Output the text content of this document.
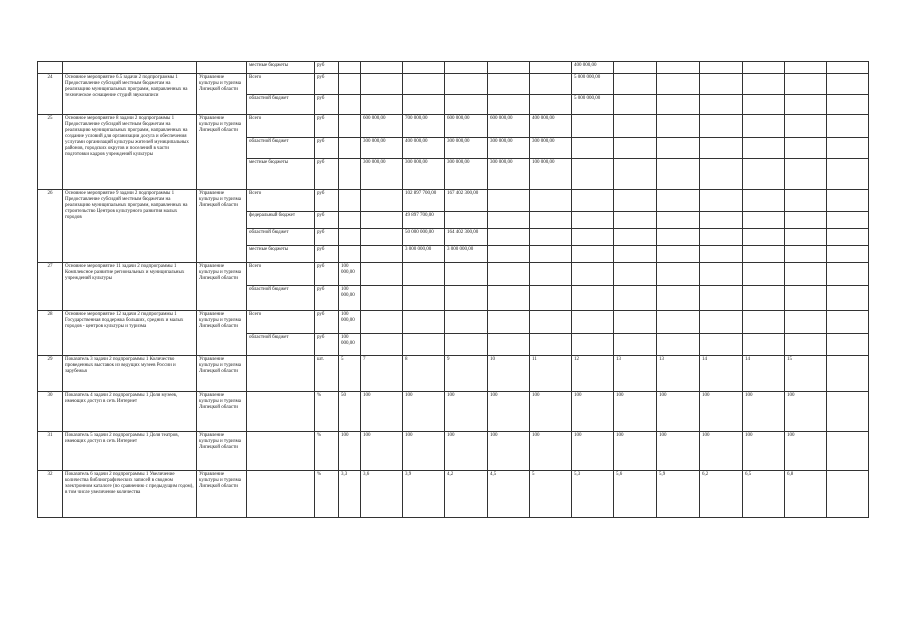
			местные бюджеты	руб							400 000,00						
24	Основное мероприятие 6.5 задачи 2 подпрограммы 1 Предоставление субсидий местным бюджетам на реализацию муниципальных программ, направленных на техническое оснащение студий звукозаписи	Управление культуры и туризма Липецкой области	Всего	руб							5 000 000,00						
			областной бюджет	руб							5 000 000,00						
25	Основное мероприятие 8 задачи 2 подпрограммы 1 Предоставление субсидий местным бюджетам на реализацию муниципальных программ, направленных на создание условий для организации досуга и обеспечения услугами организаций культуры жителей муниципальных районов, городских округов и поселений в части подготовки кадров учреждений культуры	Управление культуры и туризма Липецкой области	Всего	руб		600 000,00	700 000,00	600 000,00	600 000,00	400 000,00							
			областной бюджет	руб		300 000,00	400 000,00	300 000,00	300 000,00	300 000,00							
			местные бюджеты	руб		300 000,00	300 000,00	300 000,00	300 000,00	100 000,00							
26	Основное мероприятие 9 задачи 2 подпрограммы 1 Предоставление субсидий местным бюджетам на реализацию муниципальных программ, направленных на строительство Центров культурного развития малых городов	Управление культуры и туризма Липецкой области	Всего	руб			102 897 700,00	167 402 300,00									
			федеральный бюджет	руб			49 897 700,00										
			областной бюджет	руб			50 000 000,00	164 402 300,00									
			местные бюджеты	руб			3 000 000,00	3 000 000,00									
27	Основное мероприятие 11 задачи 2 подпрограммы 1 Комплексное развитие региональных и муниципальных учреждений культуры	Управление культуры и туризма Липецкой области	Всего	руб	100 000,00												
			областной бюджет	руб	100 000,00												
28	Основное мероприятие 12 задачи 2 подпрограммы 1 Государственная поддержка больших, средних и малых городов - центров культуры и туризма	Управление культуры и туризма Липецкой области	Всего	руб	100 000,00												
			областной бюджет	руб	100 000,00												
29	Показатель 3 задачи 2 подпрограммы 1 Количество проведенных выставок из ведущих музеев России и зарубежья	Управление культуры и туризма Липецкой области		шт.	5	7	8	9	10	11	12	13	13	14	14	15	
30	Показатель 4 задачи 2 подпрограммы 1 Доля музеев, имеющих доступ в сеть Интернет	Управление культуры и туризма Липецкой области		%	50	100	100	100	100	100	100	100	100	100	100	100	
31	Показатель 5 задачи 2 подпрограммы 1 Доля театров, имеющих доступ в сеть Интернет	Управление культуры и туризма Липецкой области		%	100	100	100	100	100	100	100	100	100	100	100	100	
32	Показатель 6 задачи 2 подпрограммы 1 Увеличение количества библиографических записей в сводном электронном каталоге (по сравнению с предыдущим годом), в том числе увеличение количества	Управление культуры и туризма Липецкой области		%	3,3	3,6	3,9	4,2	4,5	5	5,3	5,6	5,9	6,2	6,5	6,8	
